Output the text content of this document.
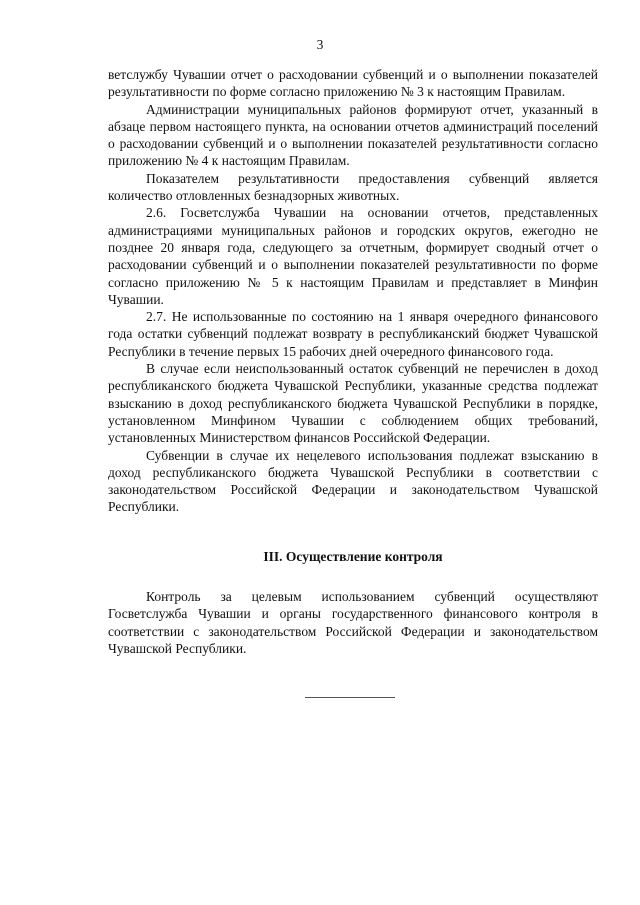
3

ветслужбу Чувашии отчет о расходовании субвенций и о выполнении показателей результативности по форме согласно приложению № 3 к настоящим Правилам.

Администрации муниципальных районов формируют отчет, указанный в абзаце первом настоящего пункта, на основании отчетов администраций поселений о расходовании субвенций и о выполнении показателей результативности согласно приложению № 4 к настоящим Правилам.

Показателем результативности предоставления субвенций является количество отловленных безнадзорных животных.

2.6. Госветслужба Чувашии на основании отчетов, представленных администрациями муниципальных районов и городских округов, ежегодно не позднее 20 января года, следующего за отчетным, формирует сводный отчет о расходовании субвенций и о выполнении показателей результативности по форме согласно приложению № 5 к настоящим Правилам и представляет в Минфин Чувашии.

2.7. Не использованные по состоянию на 1 января очередного финансового года остатки субвенций подлежат возврату в республиканский бюджет Чувашской Республики в течение первых 15 рабочих дней очередного финансового года.

В случае если неиспользованный остаток субвенций не перечислен в доход республиканского бюджета Чувашской Республики, указанные средства подлежат взысканию в доход республиканского бюджета Чувашской Республики в порядке, установленном Минфином Чувашии с соблюдением общих требований, установленных Министерством финансов Российской Федерации.

Субвенции в случае их нецелевого использования подлежат взысканию в доход республиканского бюджета Чувашской Республики в соответствии с законодательством Российской Федерации и законодательством Чувашской Республики.

III. Осуществление контроля

Контроль за целевым использованием субвенций осуществляют Госветслужба Чувашии и органы государственного финансового контроля в соответствии с законодательством Российской Федерации и законодательством Чувашской Республики.
